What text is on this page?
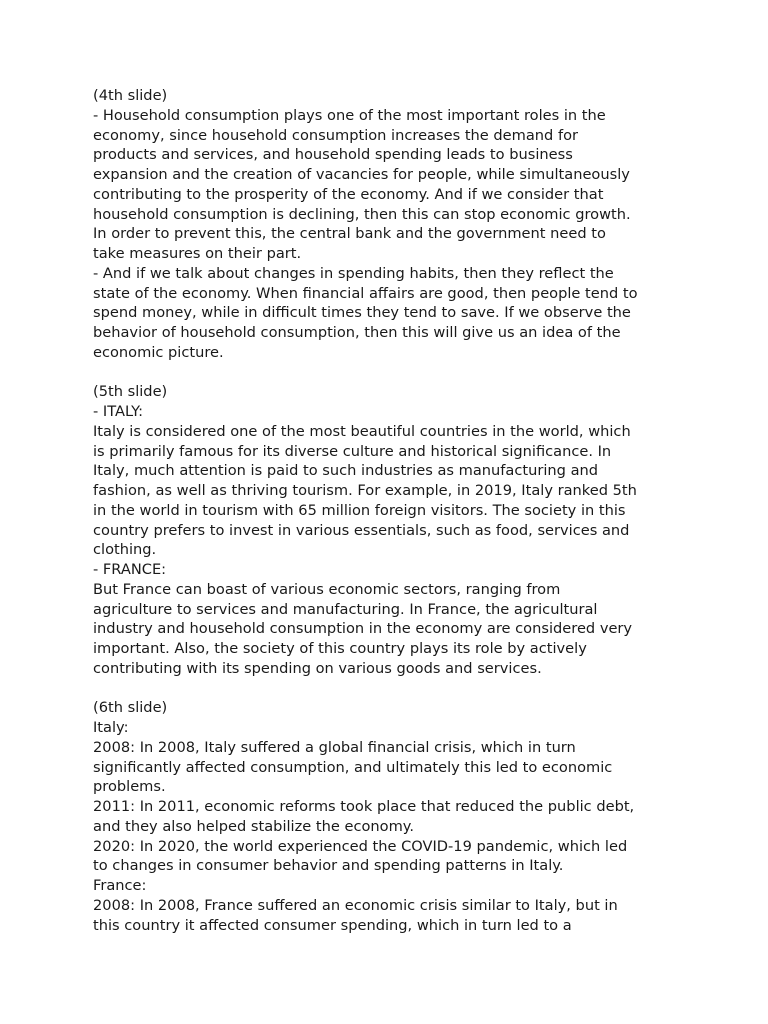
(4th slide)
- Household consumption plays one of the most important roles in the
economy, since household consumption increases the demand for
products and services, and household spending leads to business
expansion and the creation of vacancies for people, while simultaneously
contributing to the prosperity of the economy. And if we consider that
household consumption is declining, then this can stop economic growth.
In order to prevent this, the central bank and the government need to
take measures on their part.
- And if we talk about changes in spending habits, then they reflect the
state of the economy. When financial affairs are good, then people tend to
spend money, while in difficult times they tend to save. If we observe the
behavior of household consumption, then this will give us an idea of the
economic picture.
(5th slide)
- ITALY:
Italy is considered one of the most beautiful countries in the world, which
is primarily famous for its diverse culture and historical significance. In
Italy, much attention is paid to such industries as manufacturing and
fashion, as well as thriving tourism. For example, in 2019, Italy ranked 5th
in the world in tourism with 65 million foreign visitors. The society in this
country prefers to invest in various essentials, such as food, services and
clothing.
- FRANCE:
But France can boast of various economic sectors, ranging from
agriculture to services and manufacturing. In France, the agricultural
industry and household consumption in the economy are considered very
important. Also, the society of this country plays its role by actively
contributing with its spending on various goods and services.
(6th slide)
Italy:
2008: In 2008, Italy suffered a global financial crisis, which in turn
significantly affected consumption, and ultimately this led to economic
problems.
2011: In 2011, economic reforms took place that reduced the public debt,
and they also helped stabilize the economy.
2020: In 2020, the world experienced the COVID-19 pandemic, which led
to changes in consumer behavior and spending patterns in Italy.
France:
2008: In 2008, France suffered an economic crisis similar to Italy, but in
this country it affected consumer spending, which in turn led to a
